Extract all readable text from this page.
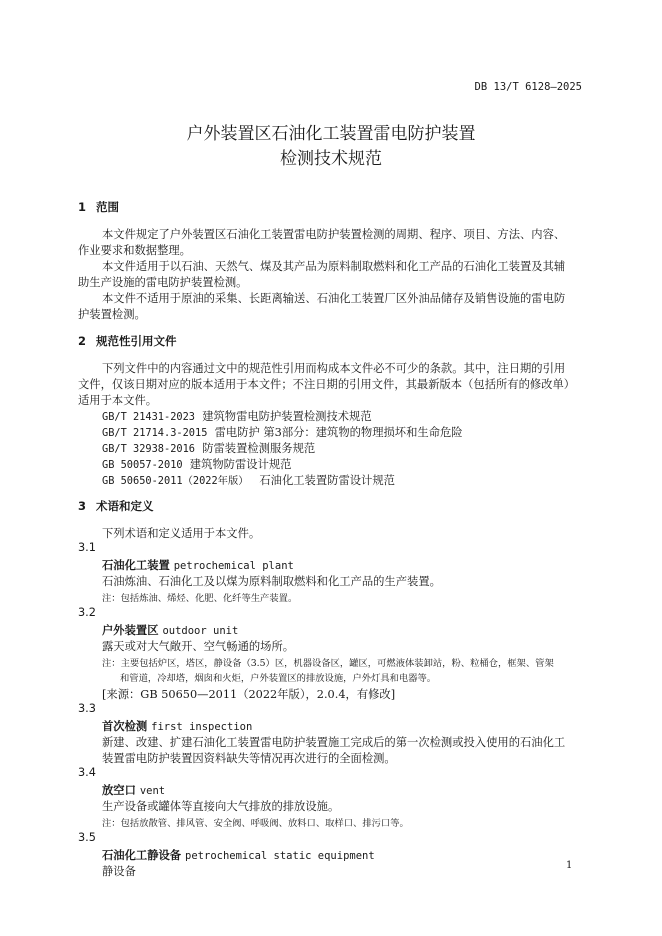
DB 13/T 6128—2025
户外装置区石油化工装置雷电防护装置
检测技术规范
1 范围
本文件规定了户外装置区石油化工装置雷电防护装置检测的周期、程序、项目、方法、内容、
作业要求和数据整理。
本文件适用于以石油、天然气、煤及其产品为原料制取燃料和化工产品的石油化工装置及其辅
助生产设施的雷电防护装置检测。
本文件不适用于原油的采集、长距离输送、石油化工装置厂区外油品储存及销售设施的雷电防
护装置检测。
2 规范性引用文件
下列文件中的内容通过文中的规范性引用而构成本文件必不可少的条款。其中，注日期的引用
文件，仅该日期对应的版本适用于本文件；不注日期的引用文件，其最新版本（包括所有的修改单）
适用于本文件。
GB/T 21431-2023 建筑物雷电防护装置检测技术规范
GB/T 21714.3-2015 雷电防护 第3部分：建筑物的物理损坏和生命危险
GB/T 32938-2016 防雷装置检测服务规范
GB 50057-2010 建筑物防雷设计规范
GB 50650-2011（2022年版） 石油化工装置防雷设计规范
3 术语和定义
下列术语和定义适用于本文件。
3.1
石油化工装置 petrochemical plant
石油炼油、石油化工及以煤为原料制取燃料和化工产品的生产装置。
注：包括炼油、烯烃、化肥、化纤等生产装置。
3.2
户外装置区 outdoor unit
露天或对大气敞开、空气畅通的场所。
注：主要包括炉区，塔区，静设备（3.5）区，机器设备区，罐区，可燃液体装卸站，粉、粒桶仓，框架、管架
和管道，冷却塔，烟囱和火炬，户外装置区的排放设施，户外灯具和电器等。
[来源：GB 50650—2011（2022年版），2.0.4，有修改]
3.3
首次检测 first inspection
新建、改建、扩建石油化工装置雷电防护装置施工完成后的第一次检测或投入使用的石油化工
装置雷电防护装置因资料缺失等情况再次进行的全面检测。
3.4
放空口 vent
生产设备或罐体等直接向大气排放的排放设施。
注：包括放散管、排风管、安全阀、呼吸阀、放料口、取样口、排污口等。
3.5
石油化工静设备 petrochemical static equipment
静设备	1
